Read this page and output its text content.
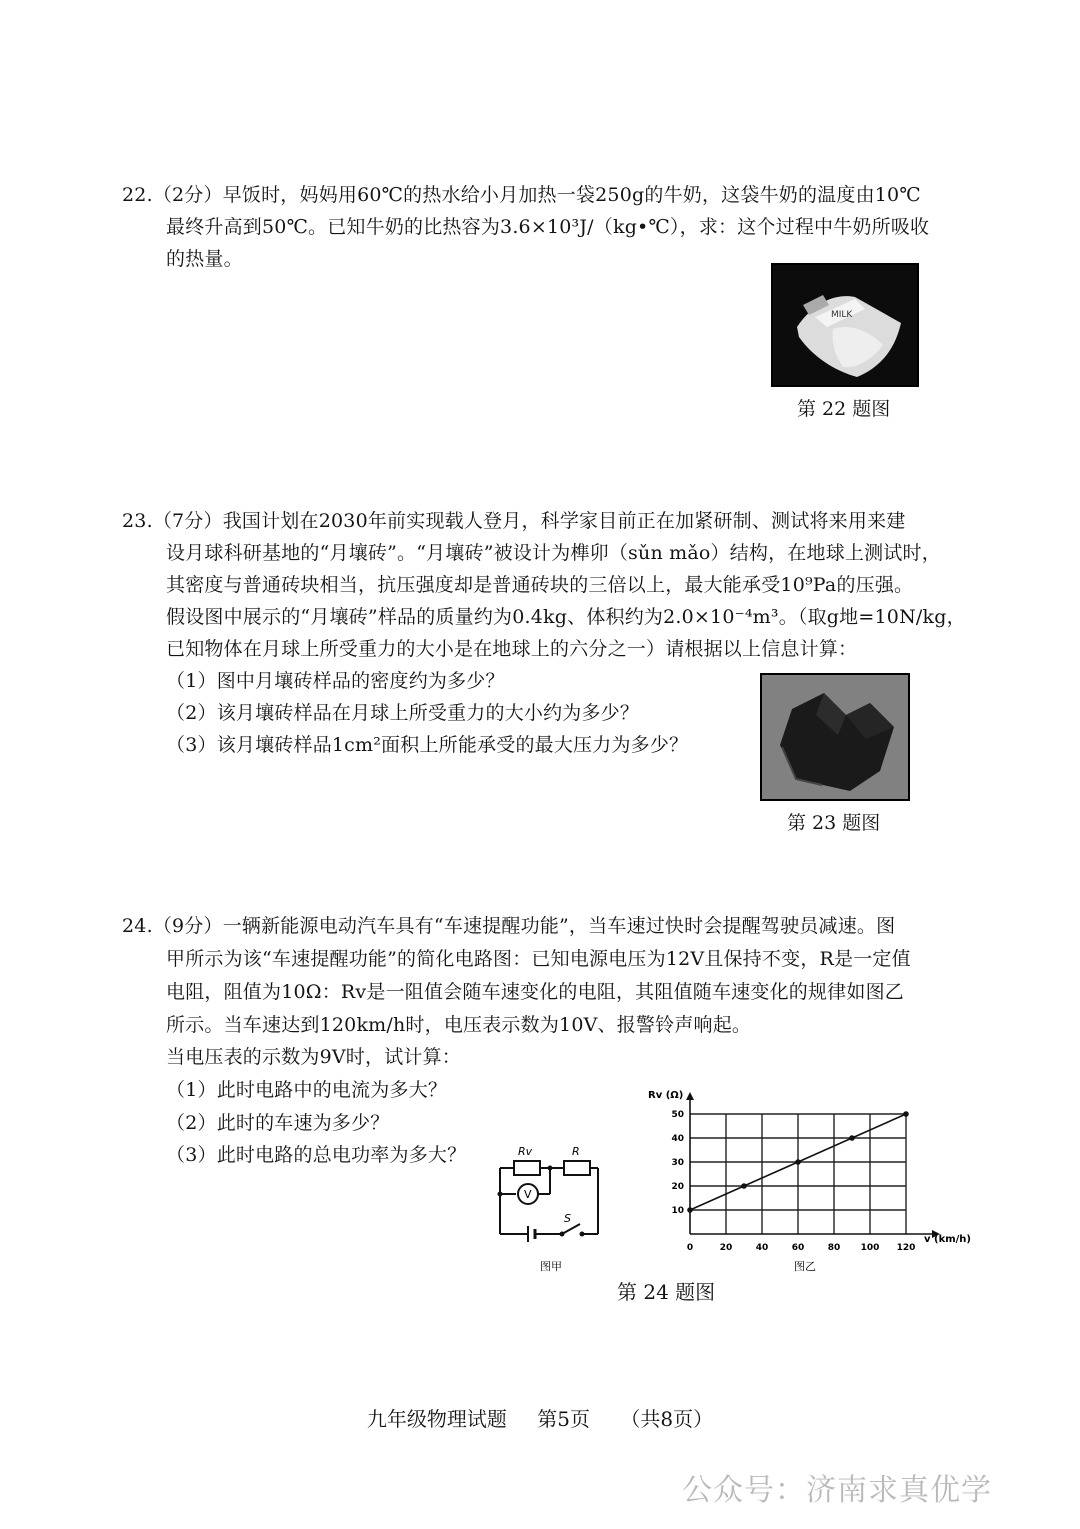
22.（2分）早饭时，妈妈用60℃的热水给小月加热一袋250g的牛奶，这袋牛奶的温度由10℃
最终升高到50℃。已知牛奶的比热容为3.6×10³J/（kg•℃），求：这个过程中牛奶所吸收
的热量。
MILK
第 22 题图
23.（7分）我国计划在2030年前实现载人登月，科学家目前正在加紧研制、测试将来用来建
设月球科研基地的“月壤砖”。“月壤砖”被设计为榫卯（sǔn mǎo）结构，在地球上测试时，
其密度与普通砖块相当，抗压强度却是普通砖块的三倍以上，最大能承受10⁹Pa的压强。
假设图中展示的“月壤砖”样品的质量约为0.4kg、体积约为2.0×10⁻⁴m³。（取g地=10N/kg，
已知物体在月球上所受重力的大小是在地球上的六分之一）请根据以上信息计算：
（1）图中月壤砖样品的密度约为多少？
（2）该月壤砖样品在月球上所受重力的大小约为多少？
（3）该月壤砖样品1cm²面积上所能承受的最大压力为多少？
第 23 题图
24.（9分）一辆新能源电动汽车具有“车速提醒功能”，当车速过快时会提醒驾驶员减速。图
甲所示为该“车速提醒功能”的简化电路图：已知电源电压为12V且保持不变，R是一定值
电阻，阻值为10Ω：Rv是一阻值会随车速变化的电阻，其阻值随车速变化的规律如图乙
所示。当车速达到120km/h时，电压表示数为10V、报警铃声响起。
当电压表的示数为9V时，试计算：
（1）此时电路中的电流为多大？
（2）此时的车速为多少？
（3）此时电路的总电功率为多大？	Rv	R
V
S
图甲
0	20	40	60	80 100 120
10
20
30
40
50
Rv (Ω)
v (km/h)
图乙
第 24 题图
九年级物理试题 第5页 （共8页）
公众号：济南求真优学
